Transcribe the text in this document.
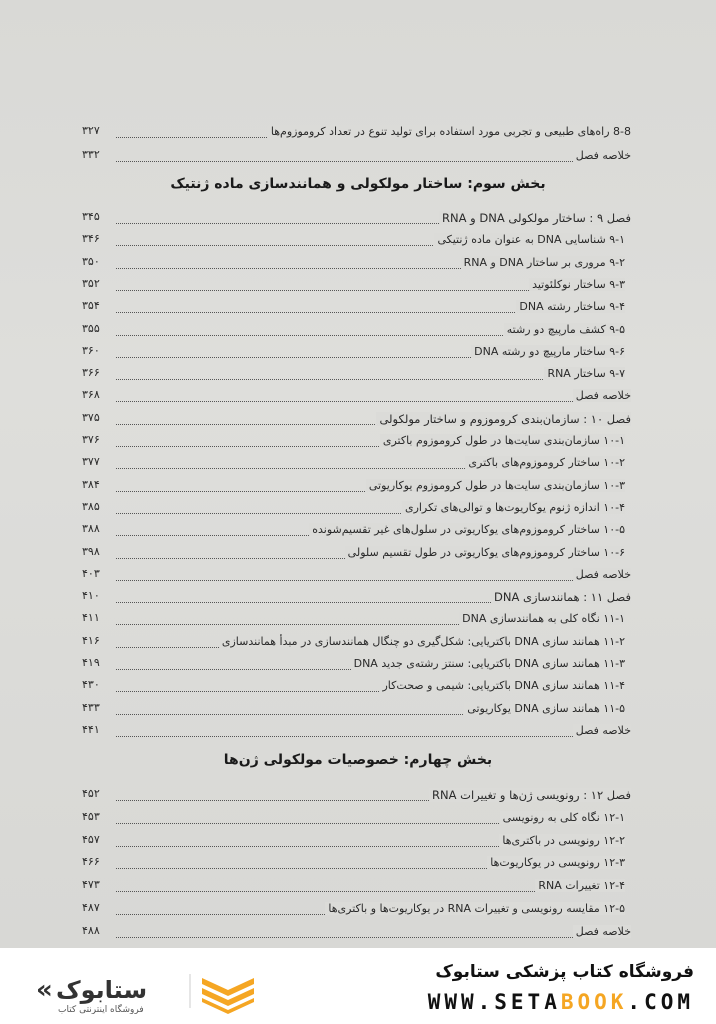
8-8 راه‌های طبیعی و تجربی مورد استفاده برای تولید تنوع در تعداد کروموزوم‌ها
۳۲۷
خلاصه فصل
۳۳۲
بخش سوم: ساختار مولکولی و همانندسازی ماده ژنتیک
فصل ۹ : ساختار مولکولی DNA و RNA
۳۴۵
۹-۱ شناسایی DNA به عنوان ماده ژنتیکی
۳۴۶
۹-۲ مروری بر ساختار DNA و RNA
۳۵۰
۹-۳ ساختار نوکلئوتید
۳۵۲
۹-۴ ساختار رشته DNA
۳۵۴
۹-۵ کشف مارپیچ دو رشته
۳۵۵
۹-۶ ساختار مارپیچ دو رشته DNA
۳۶۰
۹-۷ ساختار RNA
۳۶۶
خلاصه فصل
۳۶۸
فصل ۱۰ : سازمان‌بندی کروموزوم و ساختار مولکولی
۳۷۵
۱۰-۱ سازمان‌بندی سایت‌ها در طول کروموزوم باکتری
۳۷۶
۱۰-۲ ساختار کروموزوم‌های باکتری
۳۷۷
۱۰-۳ سازمان‌بندی سایت‌ها در طول کروموزوم یوکاریوتی
۳۸۴
۱۰-۴ اندازه ژنوم یوکاریوت‌ها و توالی‌های تکراری
۳۸۵
۱۰-۵ ساختار کروموزوم‌های یوکاریوتی در سلول‌های غیر تقسیم‌شونده
۳۸۸
۱۰-۶ ساختار کروموزوم‌های یوکاریوتی در طول تقسیم سلولی
۳۹۸
خلاصه فصل
۴۰۳
فصل ۱۱ : همانندسازی DNA
۴۱۰
۱۱-۱ نگاه کلی به همانندسازی DNA
۴۱۱
۱۱-۲ همانند سازی DNA باکتریایی: شکل‌گیری دو چنگال همانندسازی در مبدأ همانندسازی
۴۱۶
۱۱-۳ همانند سازی DNA باکتریایی: سنتز رشته‌ی جدید DNA
۴۱۹
۱۱-۴ همانند سازی DNA باکتریایی: شیمی و صحت‌کار
۴۳۰
۱۱-۵ همانند سازی DNA یوکاریوتی
۴۳۳
خلاصه فصل
۴۴۱
بخش چهارم: خصوصیات مولکولی ژن‌ها
فصل ۱۲ : رونویسی ژن‌ها و تغییرات RNA
۴۵۲
۱۲-۱ نگاه کلی به رونویسی
۴۵۳
۱۲-۲ رونویسی در باکتری‌ها
۴۵۷
۱۲-۳ رونویسی در یوکاریوت‌ها
۴۶۶
۱۲-۴ تغییرات RNA
۴۷۳
۱۲-۵ مقایسه رونویسی و تغییرات RNA در یوکاریوت‌ها و باکتری‌ها
۴۸۷
خلاصه فصل
۴۸۸
« ستابوک
فروشگاه اینترنتی کتاب
فروشگاه کتاب پزشکی ستابوک
WWW.SETABOOK.COM
